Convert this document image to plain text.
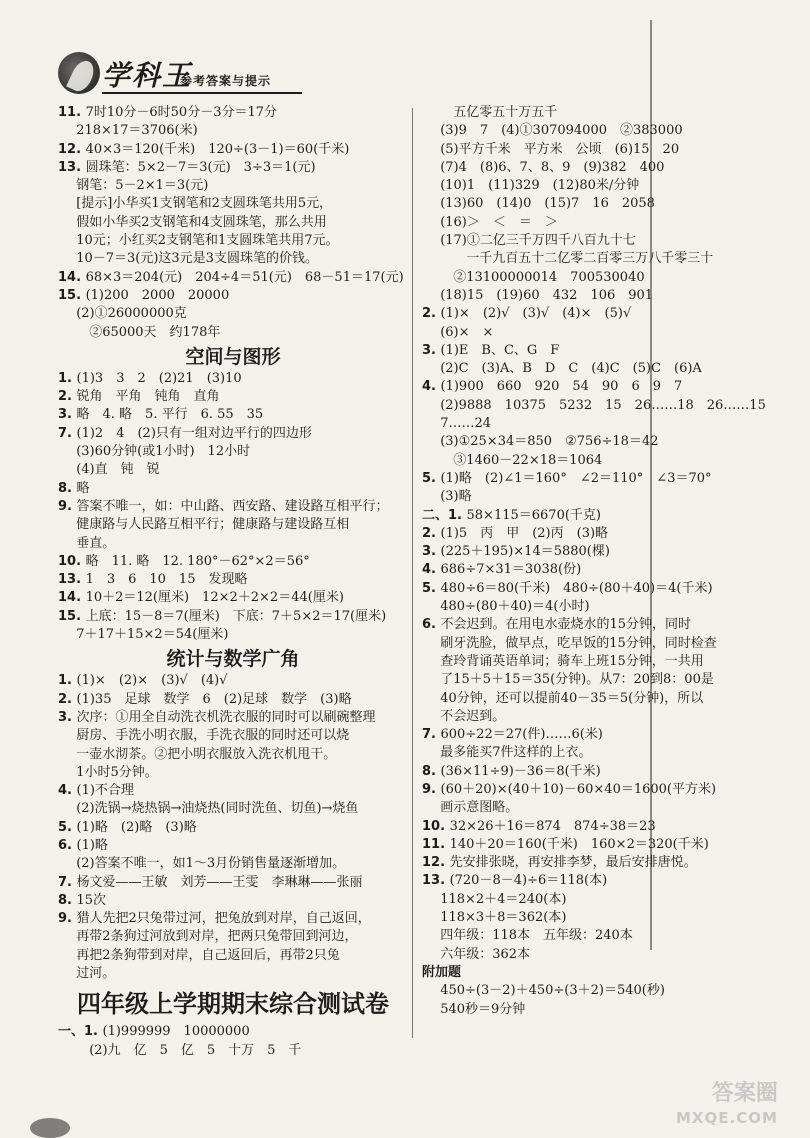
学科王
参考答案与提示
11. 7时10分－6时50分－3分＝17分
218×17＝3706(米)
12. 40×3＝120(千米)　120÷(3－1)＝60(千米)
13. 圆珠笔：5×2－7＝3(元)　3÷3＝1(元)
钢笔：5－2×1＝3(元)
[提示]小华买1支钢笔和2支圆珠笔共用5元，
假如小华买2支钢笔和4支圆珠笔，那么共用
10元；小红买2支钢笔和1支圆珠笔共用7元。
10－7＝3(元)这3元是3支圆珠笔的价钱。
14. 68×3＝204(元)　204÷4＝51(元)　68－51＝17(元)
15. (1)200　2000　20000
(2)①26000000克
　②65000天　约178年
空间与图形
1. (1)3　3　2　(2)21　(3)10
2. 锐角　平角　钝角　直角
3. 略　4. 略　5. 平行　6. 55　35
7. (1)2　4　(2)只有一组对边平行的四边形
(3)60分钟(或1小时)　12小时
(4)直　钝　锐
8. 略
9. 答案不唯一，如：中山路、西安路、建设路互相平行；
健康路与人民路互相平行；健康路与建设路互相
垂直。
10. 略　11. 略　12. 180°－62°×2＝56°
13. 1　3　6　10　15　发现略
14. 10＋2＝12(厘米)　12×2＋2×2＝44(厘米)
15. 上底：15－8＝7(厘米)　下底：7＋5×2＝17(厘米)
7＋17＋15×2＝54(厘米)
统计与数学广角
1. (1)×　(2)×　(3)√　(4)√
2. (1)35　足球　数学　6　(2)足球　数学　(3)略
3. 次序：①用全自动洗衣机洗衣服的同时可以刷碗整理
厨房、手洗小明衣服，手洗衣服的同时还可以烧
一壶水沏茶。②把小明衣服放入洗衣机甩干。
1小时5分钟。
4. (1)不合理
(2)洗锅→烧热锅→油烧热(同时洗鱼、切鱼)→烧鱼
5. (1)略　(2)略　(3)略
6. (1)略
(2)答案不唯一，如1～3月份销售量逐渐增加。
7. 杨文爱——王敏　刘芳——王雯　李琳琳——张丽
8. 15次
9. 猎人先把2只兔带过河，把兔放到对岸，自己返回，
再带2条狗过河放到对岸，把两只兔带回到河边，
再把2条狗带到对岸，自己返回后，再带2只兔
过河。
四年级上学期期末综合测试卷
一、1. (1)999999　10000000
　(2)九　亿　5　亿　5　十万　5　千
　五亿零五十万五千
(3)9　7　(4)①307094000　②383000
(5)平方千米　平方米　公顷　(6)15　20
(7)4　(8)6、7、8、9　(9)382　400
(10)1　(11)329　(12)80米/分钟
(13)60　(14)0　(15)7　16　2058
(16)＞　＜　＝　＞
(17)①二亿三千万四千八百九十七
　　一千九百五十二亿零二百零三万八千零三十
　②13100000014　700530040
(18)15　(19)60　432　106　901
2. (1)×　(2)√　(3)√　(4)×　(5)√
(6)×　×
3. (1)E　B、C、G　F
(2)C　(3)A、B　D　C　(4)C　(5)C　(6)A
4. (1)900　660　920　54　90　6　9　7
(2)9888　10375　5232　15　26……18　26……15
7……24
(3)①25×34＝850　②756÷18＝42
　③1460－22×18＝1064
5. (1)略　(2)∠1＝160°　∠2＝110°　∠3＝70°
(3)略
二、1. 58×115＝6670(千克)
2. (1)5　丙　甲　(2)丙　(3)略
3. (225＋195)×14＝5880(棵)
4. 686÷7×31＝3038(份)
5. 480÷6＝80(千米)　480÷(80＋40)＝4(千米)
480÷(80＋40)＝4(小时)
6. 不会迟到。在用电水壶烧水的15分钟，同时
刷牙洗脸，做早点，吃早饭的15分钟，同时检查
查玲背诵英语单词；骑车上班15分钟，一共用
了15＋5＋15＝35(分钟)。从7：20到8：00是
40分钟，还可以提前40－35＝5(分钟)，所以
不会迟到。
7. 600÷22＝27(件)……6(米)
最多能买7件这样的上衣。
8. (36×11÷9)－36＝8(千米)
9. (60＋20)×(40＋10)－60×40＝1600(平方米)
画示意图略。
10. 32×26＋16＝874　874÷38＝23
11. 140＋20＝160(千米)　160×2＝320(千米)
12. 先安排张晓，再安排李梦，最后安排唐悦。
13. (720－8－4)÷6＝118(本)
118×2＋4＝240(本)
118×3＋8＝362(本)
四年级：118本　五年级：240本
六年级：362本
附加题
450÷(3－2)＋450÷(3＋2)＝540(秒)
540秒＝9分钟
答案圈
MXQE.COM
